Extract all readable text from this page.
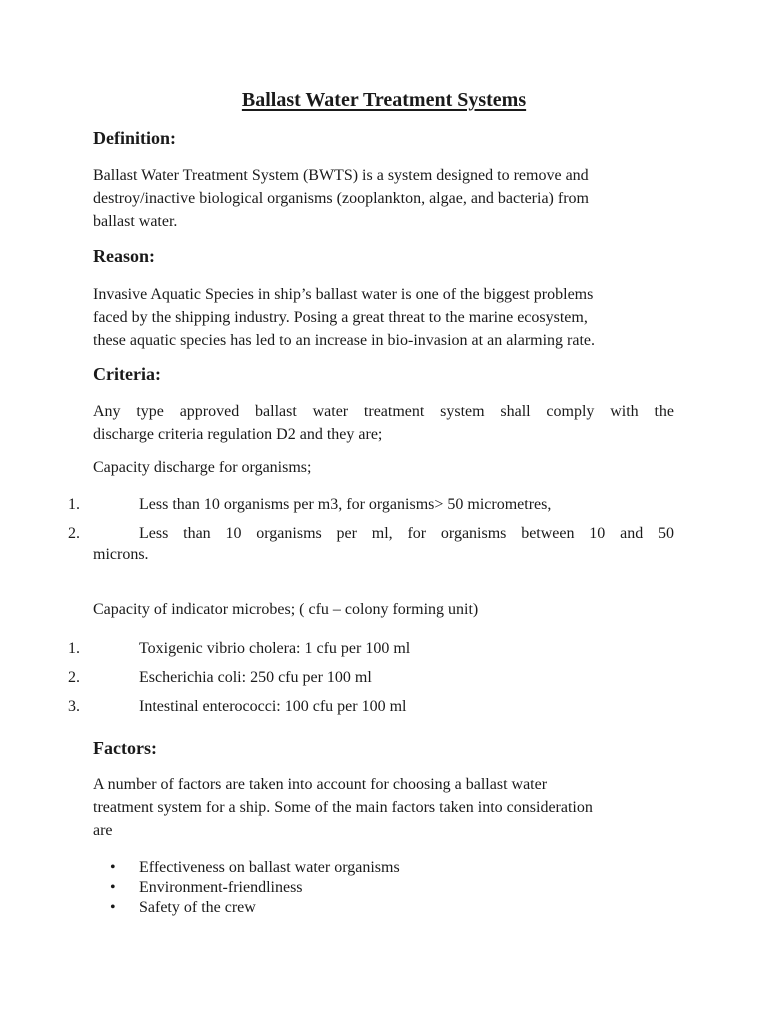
Ballast Water Treatment Systems
Definition:
Ballast Water Treatment System (BWTS) is a system designed to remove and
destroy/inactive biological organisms (zooplankton, algae, and bacteria) from
ballast water.
Reason:
Invasive Aquatic Species in ship’s ballast water is one of the biggest problems
faced by the shipping industry. Posing a great threat to the marine ecosystem,
these aquatic species has led to an increase in bio-invasion at an alarming rate.
Criteria:
Any type approved ballast water treatment system shall comply with the
discharge criteria regulation D2 and they are;

Capacity discharge for organisms;

1.	Less than 10 organisms per m3, for organisms> 50 micrometres,
2.	Less than 10 organisms per ml, for organisms between 10 and 50
microns.

Capacity of indicator microbes; ( cfu – colony forming unit)

1.	Toxigenic vibrio cholera: 1 cfu per 100 ml
2.	Escherichia coli: 250 cfu per 100 ml
3.	Intestinal enterococci: 100 cfu per 100 ml
Factors:
A number of factors are taken into account for choosing a ballast water
treatment system for a ship. Some of the main factors taken into consideration
are
• Effectiveness on ballast water organisms
• Environment-friendliness
• Safety of the crew
